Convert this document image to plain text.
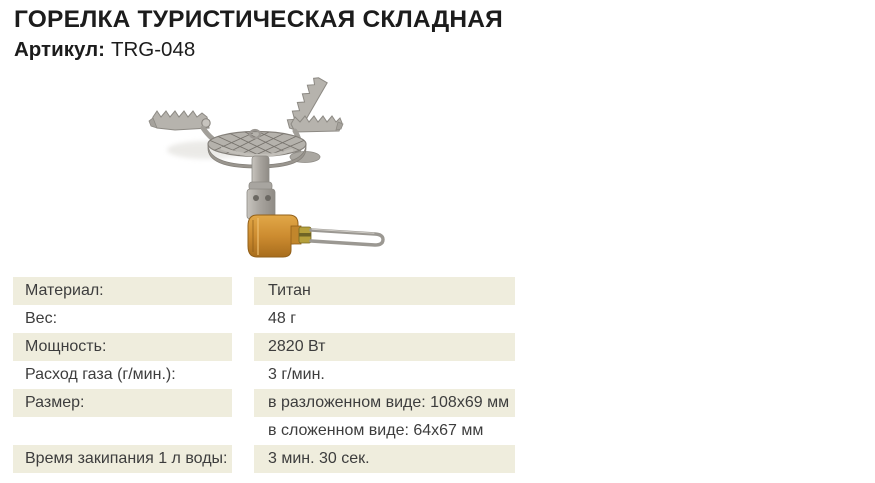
ГОРЕЛКА ТУРИСТИЧЕСКАЯ СКЛАДНАЯ
Артикул: TRG-048
Материал:	Титан
Вес:	48 г
Мощность:	2820 Вт
Расход газа (г/мин.):	3 г/мин.
Размер:	в разложенном виде: 108х69 мм
в сложенном виде: 64х67 мм
Время закипания 1 л воды:	3 мин. 30 сек.
